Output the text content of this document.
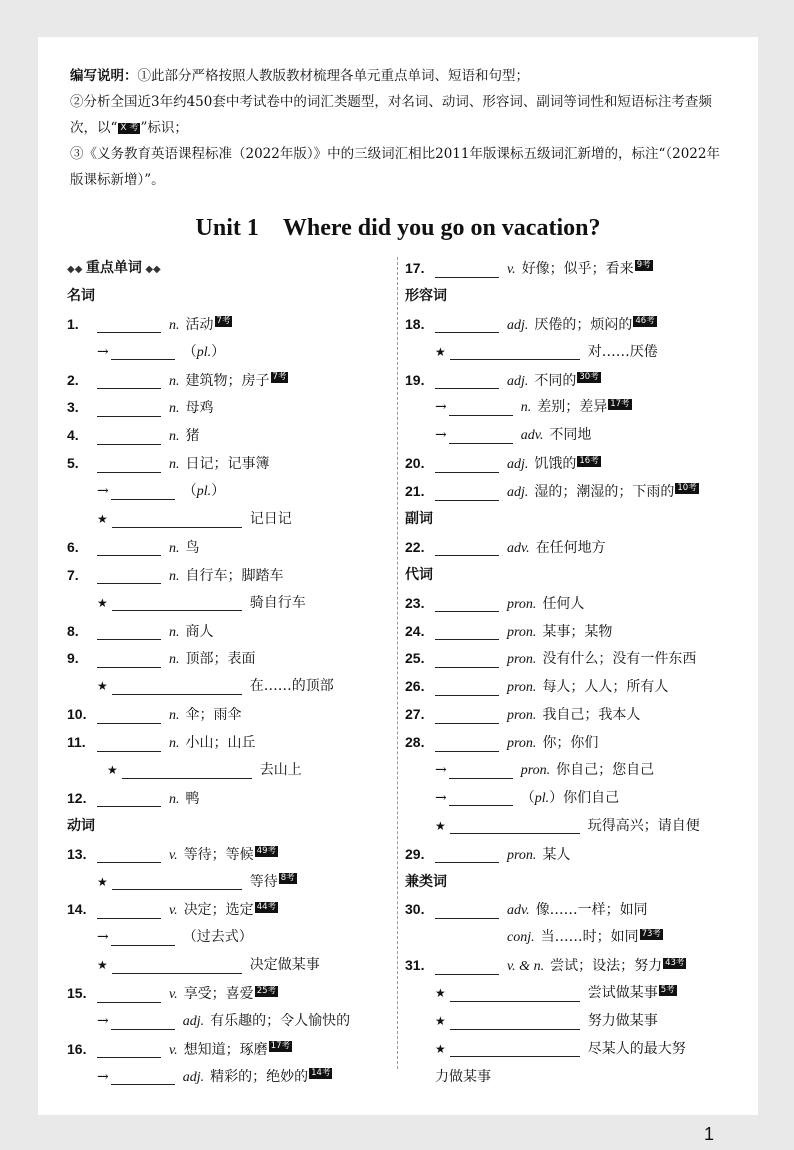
编写说明：①此部分严格按照人教版教材梳理各单元重点单词、短语和句型；

②分析全国近3年约450套中考试卷中的词汇类题型，对名词、动词、形容词、副词等词性和短语标注考查频次，以“ X 考 ”标识；

③《义务教育英语课程标准（2022年版）》中的三级词汇相比2011年版课标五级词汇新增的，标注“（2022年版课标新增）”。

Unit 1　Where did you go on vacation?
◆◆ 重点单词 ◆◆
名词
1.	n. 活动 7考
→	（pl.）
2.	n. 建筑物；房子 7考
3.	n. 母鸡
4.	n. 猪
5.	n. 日记；记事簿
→	（pl.）
★	记日记
6.	n. 鸟
7.	n. 自行车；脚踏车
★	骑自行车
8.	n. 商人
9.	n. 顶部；表面
★	在……的顶部
10.	n. 伞；雨伞
11.	n. 小山；山丘
★	去山上
12.	n. 鸭
动词
13.	v. 等待；等候 49考
★	等待 8考
14.	v. 决定；选定 44考
→	（过去式）
★	决定做某事
15.	v. 享受；喜爱 25考
→	adj. 有乐趣的；令人愉快的
16.	v. 想知道；琢磨 17考
→	adj. 精彩的；绝妙的 14考
17.	v. 好像；似乎；看来 9考
形容词
18.	adj. 厌倦的；烦闷的 46考
★	对……厌倦
19.	adj. 不同的 30考
→	n. 差别；差异 17考
→	adv. 不同地
20.	adj. 饥饿的 16考
21.	adj. 湿的；潮湿的；下雨的 10考
副词
22.	adv. 在任何地方
代词
23.	pron. 任何人
24.	pron. 某事；某物
25.	pron. 没有什么；没有一件东西
26.	pron. 每人；人人；所有人
27.	pron. 我自己；我本人
28.	pron. 你；你们
→	pron. 你自己；您自己
→	（pl.）你们自己
★	玩得高兴；请自便
29.	pron. 某人
兼类词
30.	adv. 像……一样；如同
conj. 当……时；如同 73考
31.	v. & n. 尝试；设法；努力 43考
★	尝试做某事 5考
★	努力做某事
★	尽某人的最大努
力做某事
1
